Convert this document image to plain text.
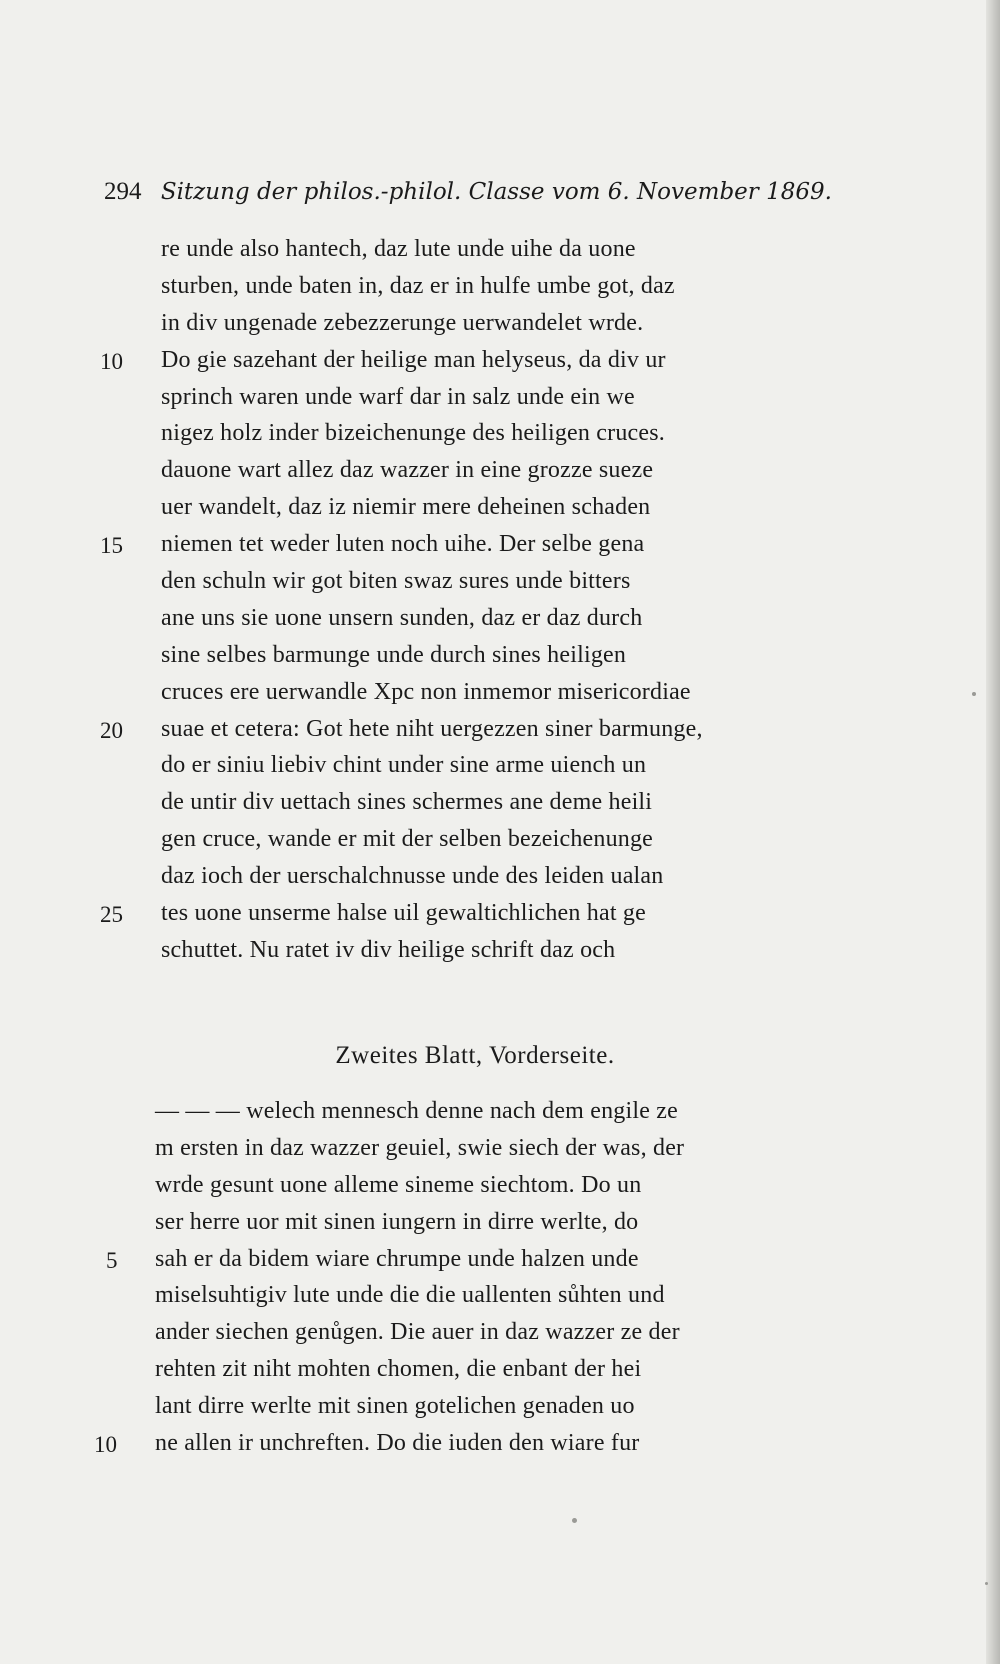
294 Sitzung der philos.-philol. Classe vom 6. November 1869.
re unde also hantech, daz lute unde uihe da uone
sturben, unde baten in, daz er in hulfe umbe got, daz
in div ungenade zebezzerunge uerwandelet wrde.
10	Do gie sazehant der heilige man helyseus, da div ur
sprinch waren unde warf dar in salz unde ein we
nigez holz inder bizeichenunge des heiligen cruces.
dauone wart allez daz wazzer in eine grozze sueze
uer wandelt, daz iz niemir mere deheinen schaden
15	niemen tet weder luten noch uihe. Der selbe gena
den schuln wir got biten swaz sures unde bitters
ane uns sie uone unsern sunden, daz er daz durch
sine selbes barmunge unde durch sines heiligen
cruces ere uerwandle Xpc non inmemor misericordiae
20	suae et cetera: Got hete niht uergezzen siner barmunge,
do er siniu liebiv chint under sine arme uiench un
de untir div uettach sines schermes ane deme heili
gen cruce, wande er mit der selben bezeichenunge
daz ioch der uerschalchnusse unde des leiden ualan
25	tes uone unserme halse uil gewaltichlichen hat ge
schuttet. Nu ratet iv div heilige schrift daz och
Zweites Blatt, Vorderseite.
— — — welech mennesch denne nach dem engile ze
m ersten in daz wazzer geuiel, swie siech der was, der
wrde gesunt uone alleme sineme siechtom. Do un
ser herre uor mit sinen iungern in dirre werlte, do
5	sah er da bidem wiare chrumpe unde halzen unde
miselsuhtigiv lute unde die die uallenten sůhten und
ander siechen genůgen. Die auer in daz wazzer ze der
rehten zit niht mohten chomen, die enbant der hei
lant dirre werlte mit sinen gotelichen genaden uo
10	ne allen ir unchreften. Do die iuden den wiare fur
